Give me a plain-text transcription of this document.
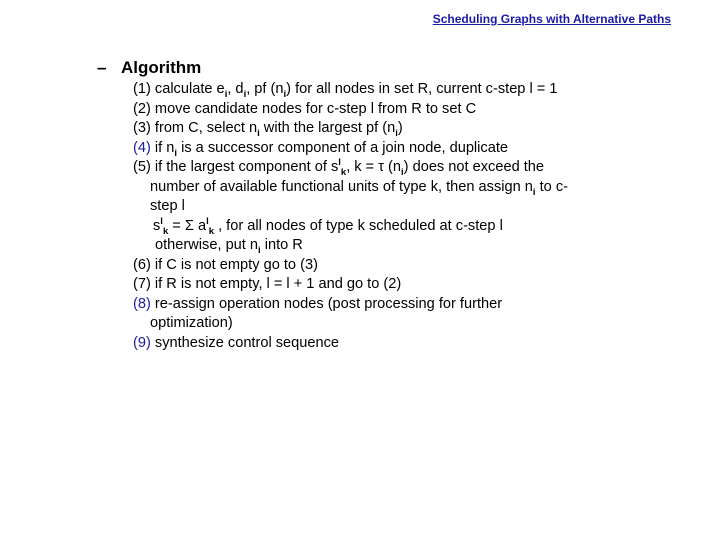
Scheduling Graphs with Alternative Paths
– Algorithm
(1) calculate $e_i$, $d_i$, pf $(n_i)$ for all nodes in set R, current c-step l = 1
(2) move candidate nodes for c-step l from R to set C
(3) from C, select $n_i$ with the largest pf $(n_i)$
(4) if $n_i$ is a successor component of a join node, duplicate
(5) if the largest component of $s^l_k$, k = τ $(n_i)$ does not exceed the
number of available functional units of type k, then assign $n_i$ to c-
step l
$s^l_k = \Sigma$ $a^l_k$ , for all nodes of type k scheduled at c-step l
otherwise, put $n_i$ into R
(6) if C is not empty go to (3)
(7) if R is not empty, l = l + 1 and go to (2)
(8) re-assign operation nodes (post processing for further
optimization)
(9) synthesize control sequence
